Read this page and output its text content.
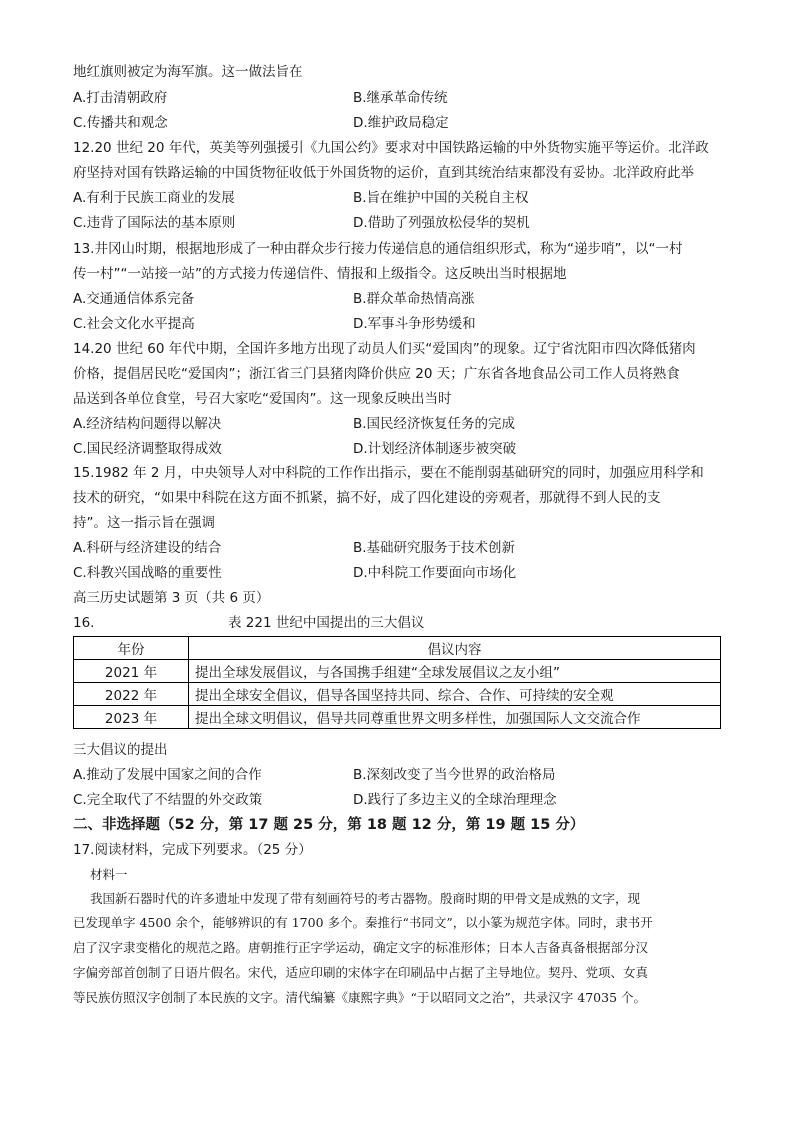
地红旗则被定为海军旗。这一做法旨在
A.打击清朝政府	B.继承革命传统
C.传播共和观念	D.维护政局稳定
12.20 世纪 20 年代，英美等列强援引《九国公约》要求对中国铁路运输的中外货物实施平等运价。北洋政
府坚持对国有铁路运输的中国货物征收低于外国货物的运价，直到其统治结束都没有妥协。北洋政府此举
A.有利于民族工商业的发展	B.旨在维护中国的关税自主权
C.违背了国际法的基本原则	D.借助了列强放松侵华的契机
13.井冈山时期，根据地形成了一种由群众步行接力传递信息的通信组织形式，称为“递步哨”，以“一村
传一村”“一站接一站”的方式接力传递信件、情报和上级指令。这反映出当时根据地
A.交通通信体系完备	B.群众革命热情高涨
C.社会文化水平提高	D.军事斗争形势缓和
14.20 世纪 60 年代中期，全国许多地方出现了动员人们买“爱国肉”的现象。辽宁省沈阳市四次降低猪肉
价格，提倡居民吃“爱国肉”；浙江省三门县猪肉降价供应 20 天；广东省各地食品公司工作人员将熟食
品送到各单位食堂，号召大家吃“爱国肉”。这一现象反映出当时
A.经济结构问题得以解决	B.国民经济恢复任务的完成
C.国民经济调整取得成效	D.计划经济体制逐步被突破
15.1982 年 2 月，中央领导人对中科院的工作作出指示，要在不能削弱基础研究的同时，加强应用科学和
技术的研究，“如果中科院在这方面不抓紧，搞不好，成了四化建设的旁观者，那就得不到人民的支
持”。这一指示旨在强调
A.科研与经济建设的结合	B.基础研究服务于技术创新
C.科教兴国战略的重要性	D.中科院工作要面向市场化
高三历史试题第 3 页（共 6 页）
16.	表 221 世纪中国提出的三大倡议
年份	倡议内容
2021 年	提出全球发展倡议，与各国携手组建“全球发展倡议之友小组”
2022 年	提出全球安全倡议，倡导各国坚持共同、综合、合作、可持续的安全观
2023 年	提出全球文明倡议，倡导共同尊重世界文明多样性，加强国际人文交流合作
三大倡议的提出
A.推动了发展中国家之间的合作	B.深刻改变了当今世界的政治格局
C.完全取代了不结盟的外交政策	D.践行了多边主义的全球治理理念
二、非选择题（52 分，第 17 题 25 分，第 18 题 12 分，第 19 题 15 分）
17.阅读材料，完成下列要求。（25 分）
材料一
我国新石器时代的许多遗址中发现了带有刻画符号的考古器物。殷商时期的甲骨文是成熟的文字，现
已发现单字 4500 余个，能够辨识的有 1700 多个。秦推行“书同文”，以小篆为规范字体。同时，隶书开
启了汉字隶变楷化的规范之路。唐朝推行正字学运动，确定文字的标准形体；日本人吉备真备根据部分汉
字偏旁部首创制了日语片假名。宋代，适应印刷的宋体字在印刷品中占据了主导地位。契丹、党项、女真
等民族仿照汉字创制了本民族的文字。清代编纂《康熙字典》“于以昭同文之治”，共录汉字 47035 个。
